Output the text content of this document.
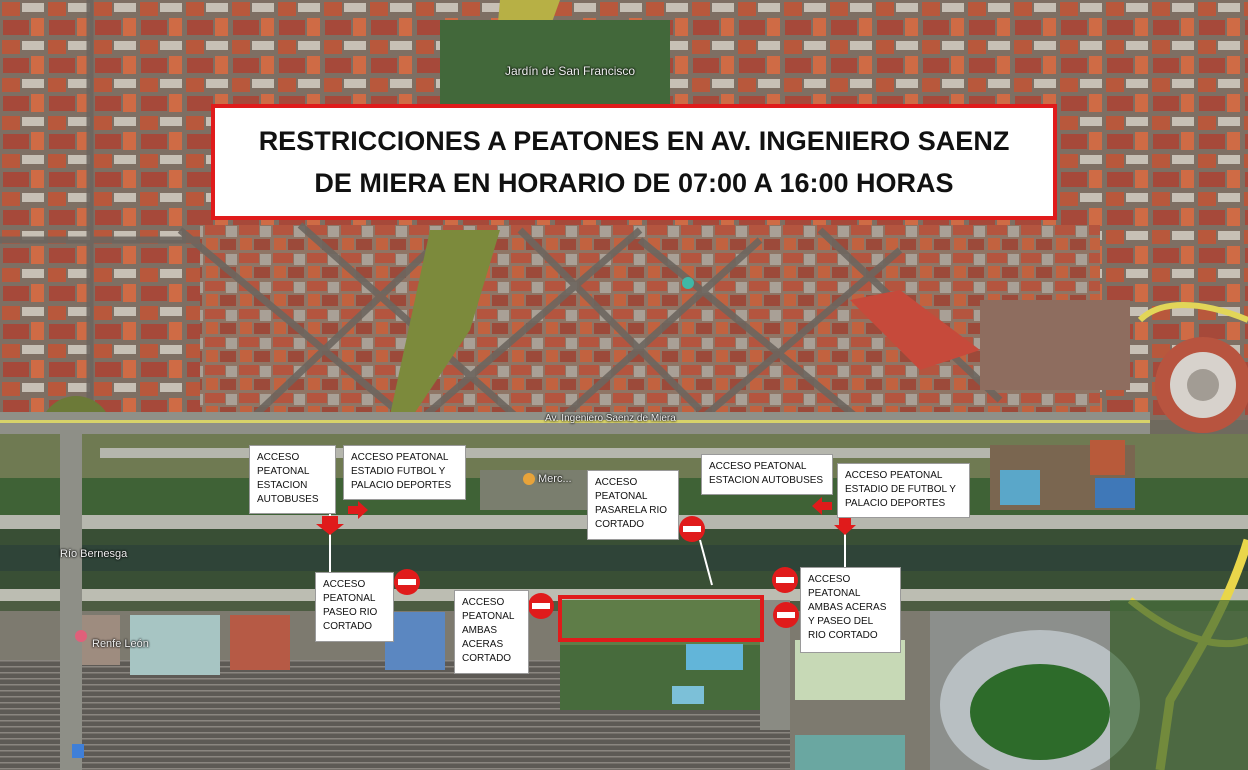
Jardín de San Francisco
Av. Ingeniero Saenz de Miera
Río Bernesga
Renfe León
Merc...
RESTRICCIONES A PEATONES EN AV. INGENIERO SAENZ
DE MIERA EN HORARIO DE 07:00 A 16:00 HORAS
ACCESO
PEATONAL
ESTACION
AUTOBUSES
ACCESO PEATONAL
ESTADIO FUTBOL Y
PALACIO DEPORTES	ACCESO
PEATONAL
PASARELA RIO
CORTADO
ACCESO PEATONAL
ESTACION AUTOBUSES ACCESO PEATONAL
ESTADIO DE FUTBOL Y
PALACIO DEPORTES
ACCESO
PEATONAL
PASEO RIO
CORTADO
ACCESO
PEATONAL
AMBAS
ACERAS
CORTADO
ACCESO
PEATONAL
AMBAS ACERAS
Y PASEO DEL
RIO CORTADO
